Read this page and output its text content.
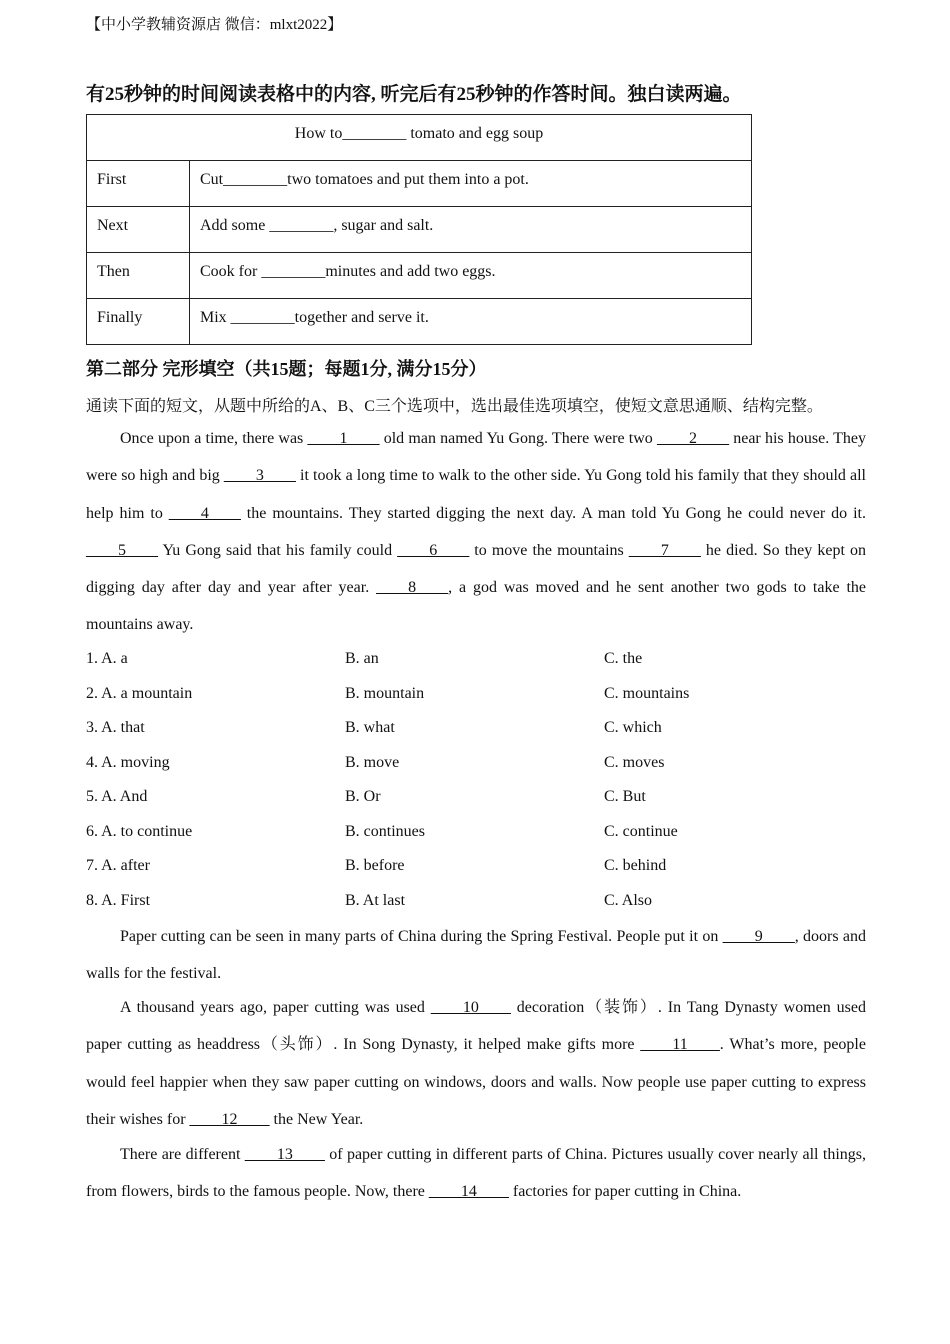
【中小学教辅资源店 微信：mlxt2022】
有25秒钟的时间阅读表格中的内容, 听完后有25秒钟的作答时间。独白读两遍。
How to________ tomato and egg soup	
First	Cut________two tomatoes and put them into a pot.
Next	Add some ________, sugar and salt.
Then	Cook for ________minutes and add two eggs.
Finally	Mix ________together and serve it.
第二部分 完形填空（共15题；每题1分, 满分15分）
通读下面的短文，从题中所给的A、B、C三个选项中，选出最佳选项填空，使短文意思通顺、结构完整。
Once upon a time, there was ____1____ old man named Yu Gong. There were two ____2____ near his house. They were so high and big ____3____ it took a long time to walk to the other side. Yu Gong told his family that they should all help him to ____4____ the mountains. They started digging the next day. A man told Yu Gong he could never do it. ____5____ Yu Gong said that his family could ____6____ to move the mountains ____7____ he died. So they kept on digging day after day and year after year. ____8____, a god was moved and he sent another two gods to take the mountains away.
1. A. a	B. an	C. the
2. A. a mountain	B. mountain	C. mountains
3. A. that	B. what	C. which
4. A. moving	B. move	C. moves
5. A. And	B. Or	C. But
6. A. to continue	B. continues	C. continue
7. A. after	B. before	C. behind
8. A. First	B. At last	C. Also
Paper cutting can be seen in many parts of China during the Spring Festival. People put it on ____9____, doors and walls for the festival.
A thousand years ago, paper cutting was used ____10____ decoration（装饰）. In Tang Dynasty women used paper cutting as headdress（头饰）. In Song Dynasty, it helped make gifts more ____11____. What’s more, people would feel happier when they saw paper cutting on windows, doors and walls. Now people use paper cutting to express their wishes for ____12____ the New Year.
There are different ____13____ of paper cutting in different parts of China. Pictures usually cover nearly all things, from flowers, birds to the famous people. Now, there ____14____ factories for paper cutting in China.
